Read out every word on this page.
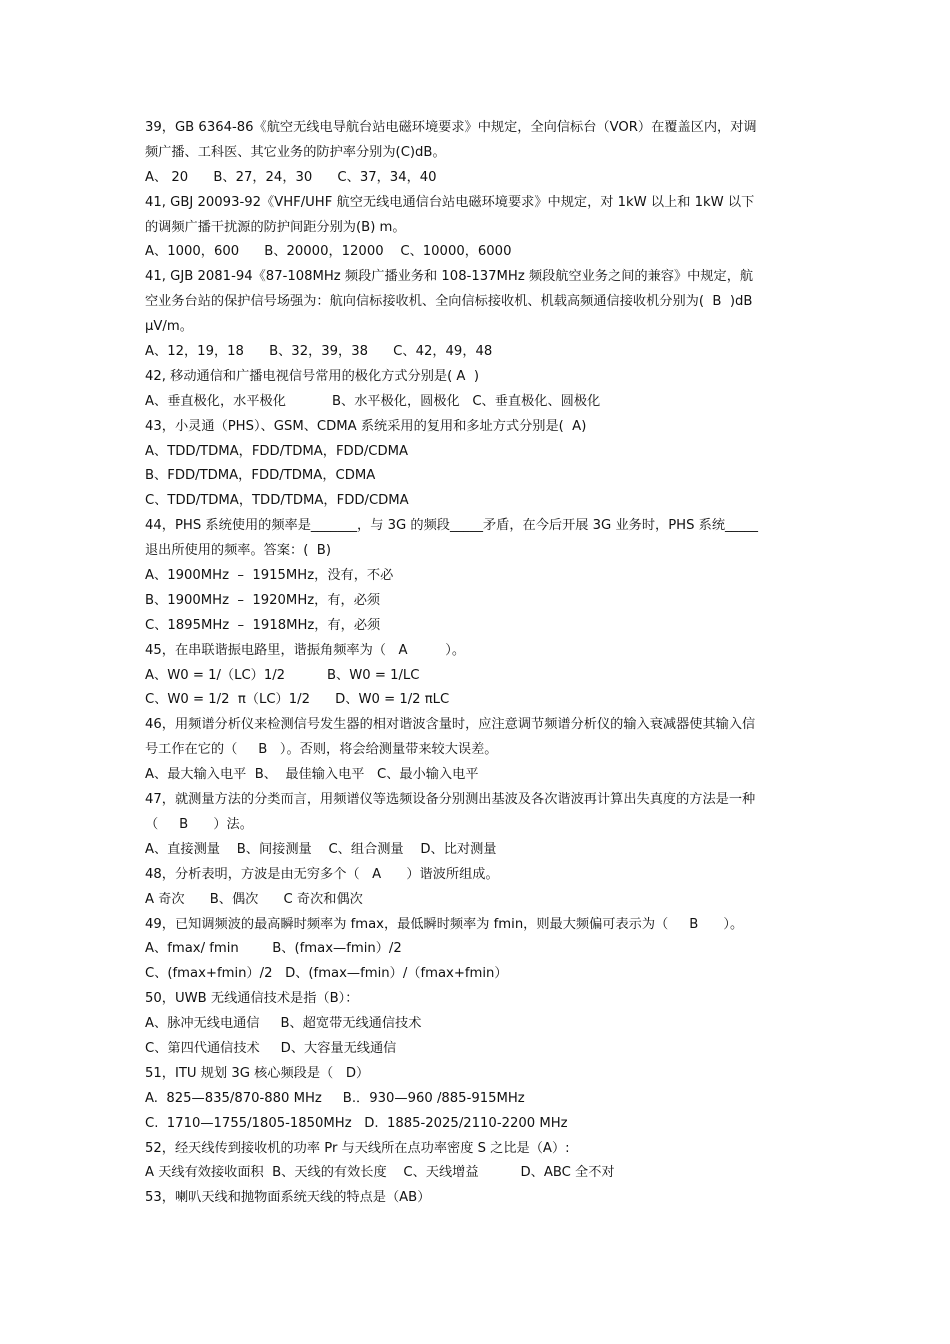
39，GB 6364-86《航空无线电导航台站电磁环境要求》中规定，全向信标台（VOR）在覆盖区内，对调
频广播、工科医、其它业务的防护率分别为(C)dB。
A、 20      B、27，24，30      C、37，34，40
41, GBJ 20093-92《VHF/UHF 航空无线电通信台站电磁环境要求》中规定，对 1kW 以上和 1kW 以下
的调频广播干扰源的防护间距分别为(B) m。
A、1000，600      B、20000，12000    C、10000，6000
41, GJB 2081-94《87-108MHz 频段广播业务和 108-137MHz 频段航空业务之间的兼容》中规定，航
空业务台站的保护信号场强为：航向信标接收机、全向信标接收机、机载高频通信接收机分别为(  B  )dB
μV/m。
A、12，19，18      B、32，39，38      C、42，49，48
42, 移动通信和广播电视信号常用的极化方式分别是( A  )
A、垂直极化，水平极化           B、水平极化，圆极化   C、垂直极化、圆极化
43，小灵通（PHS）、GSM、CDMA 系统采用的复用和多址方式分别是(  A)
A、TDD/TDMA，FDD/TDMA，FDD/CDMA
B、FDD/TDMA，FDD/TDMA，CDMA
C、TDD/TDMA，TDD/TDMA，FDD/CDMA
44，PHS 系统使用的频率是_______，与 3G 的频段_____矛盾，在今后开展 3G 业务时，PHS 系统_____
退出所使用的频率。答案：(  B)
A、1900MHz  –  1915MHz，没有，不必
B、1900MHz  –  1920MHz，有，必须
C、1895MHz  –  1918MHz，有，必须
45，在串联谐振电路里，谐振角频率为（   A         ）。
A、W0 = 1/（LC）1/2          B、W0 = 1/LC
C、W0 = 1/2  π（LC）1/2      D、W0 = 1/2 πLC
46，用频谱分析仪来检测信号发生器的相对谐波含量时，应注意调节频谱分析仪的输入衰减器使其输入信
号工作在它的（     B   ）。否则，将会给测量带来较大误差。
A、最大输入电平  B、  最佳输入电平   C、最小输入电平
47，就测量方法的分类而言，用频谱仪等选频设备分别测出基波及各次谐波再计算出失真度的方法是一种
（     B      ）法。
A、直接测量    B、间接测量    C、组合测量    D、比对测量
48，分析表明，方波是由无穷多个（   A      ）谐波所组成。
A 奇次      B、偶次      C 奇次和偶次
49，已知调频波的最高瞬时频率为 fmax，最低瞬时频率为 fmin，则最大频偏可表示为（     B      ）。
A、fmax/ fmin        B、(fmax—fmin）/2
C、(fmax+fmin）/2   D、(fmax—fmin）/（fmax+fmin）
50，UWB 无线通信技术是指（B）：
A、脉冲无线电通信     B、超宽带无线通信技术
C、第四代通信技术     D、大容量无线通信
51，ITU 规划 3G 核心频段是（   D）
A.  825—835/870-880 MHz     B.．930—960 /885-915MHz
C.  1710—1755/1805-1850MHz   D.  1885-2025/2110-2200 MHz
52，经天线传到接收机的功率 Pr 与天线所在点功率密度 S 之比是（A）:
A 天线有效接收面积  B、天线的有效长度    C、天线增益          D、ABC 全不对
53，喇叭天线和抛物面系统天线的特点是（AB）
